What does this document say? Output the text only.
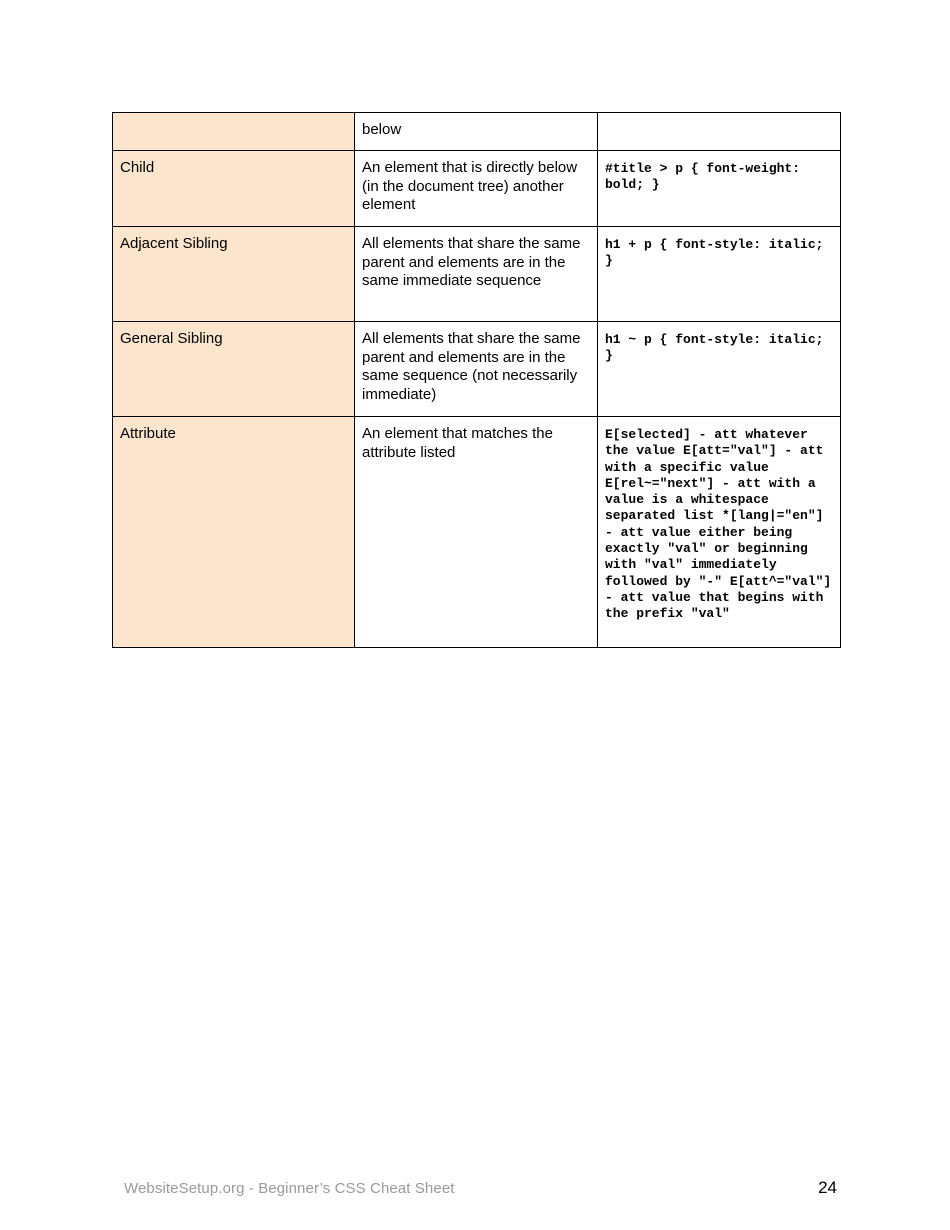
	below	
Child	An element that is directly below (in the document tree) another element	#title > p { font-weight: bold; }
Adjacent Sibling	All elements that share the same parent and elements are in the same immediate sequence	h1 + p { font-style: italic; }
General Sibling	All elements that share the same parent and elements are in the same sequence (not necessarily immediate)	h1 ~ p { font-style: italic; }
Attribute	An element that matches the attribute listed	E[selected] - att whatever the value E[att="val"] - att with a specific value E[rel~="next"] - att with a value is a whitespace separated list *[lang|="en"] - att value either being exactly "val" or beginning with "val" immediately followed by "-" E[att^="val"] - att value that begins with the prefix "val"
WebsiteSetup.org - Beginner’s CSS Cheat Sheet	24
